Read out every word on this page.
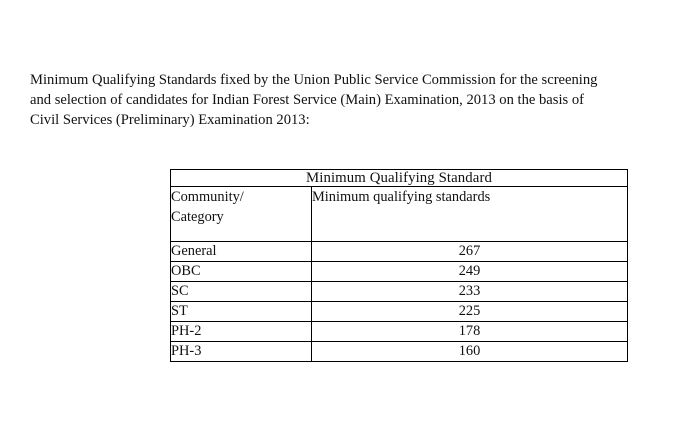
Minimum Qualifying Standards fixed by the Union Public Service Commission for the screening
and selection of candidates for Indian Forest Service (Main) Examination, 2013 on the basis of
Civil Services (Preliminary) Examination 2013:
Minimum Qualifying Standard	

Community/
Category	Minimum qualifying standards
General	267
OBC	249
SC	233
ST	225
PH-2	178
PH-3	160
